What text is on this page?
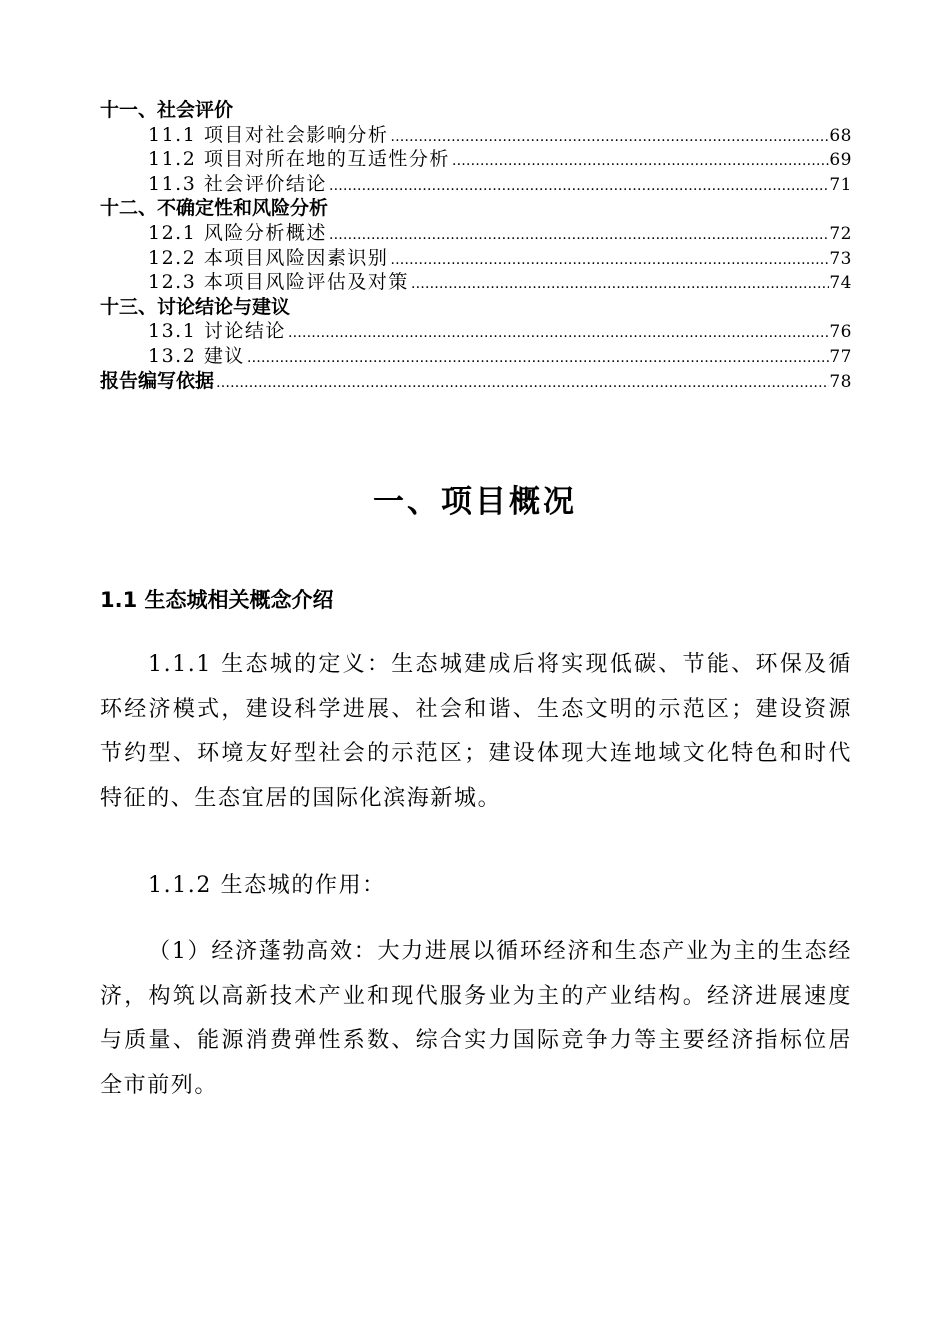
十一、社会评价
11.1 项目对社会影响分析 …………………………………………………………………………………………………………………………………………………………………	68
11.2 项目对所在地的互适性分析 …………………………………………………………………………………………………………………………………………………………………	69
11.3 社会评价结论 …………………………………………………………………………………………………………………………………………………………………	71
十二、不确定性和风险分析
12.1 风险分析概述 …………………………………………………………………………………………………………………………………………………………………	72
12.2 本项目风险因素识别 …………………………………………………………………………………………………………………………………………………………………	73
12.3 本项目风险评估及对策 …………………………………………………………………………………………………………………………………………………………………	74
十三、讨论结论与建议
13.1 讨论结论 …………………………………………………………………………………………………………………………………………………………………	76
13.2 建议 …………………………………………………………………………………………………………………………………………………………………	77
报告编写依据 …………………………………………………………………………………………………………………………………………………………………	78
一、项目概况
1.1 生态城相关概念介绍

1.1.1 生态城的定义：生态城建成后将实现低碳、节能、环保及循环经济模式，建设科学进展、社会和谐、生态文明的示范区；建设资源节约型、环境友好型社会的示范区；建设体现大连地域文化特色和时代特征的、生态宜居的国际化滨海新城。

1.1.2 生态城的作用：

（1）经济蓬勃高效：大力进展以循环经济和生态产业为主的生态经济，构筑以高新技术产业和现代服务业为主的产业结构。经济进展速度与质量、能源消费弹性系数、综合实力国际竞争力等主要经济指标位居全市前列。
